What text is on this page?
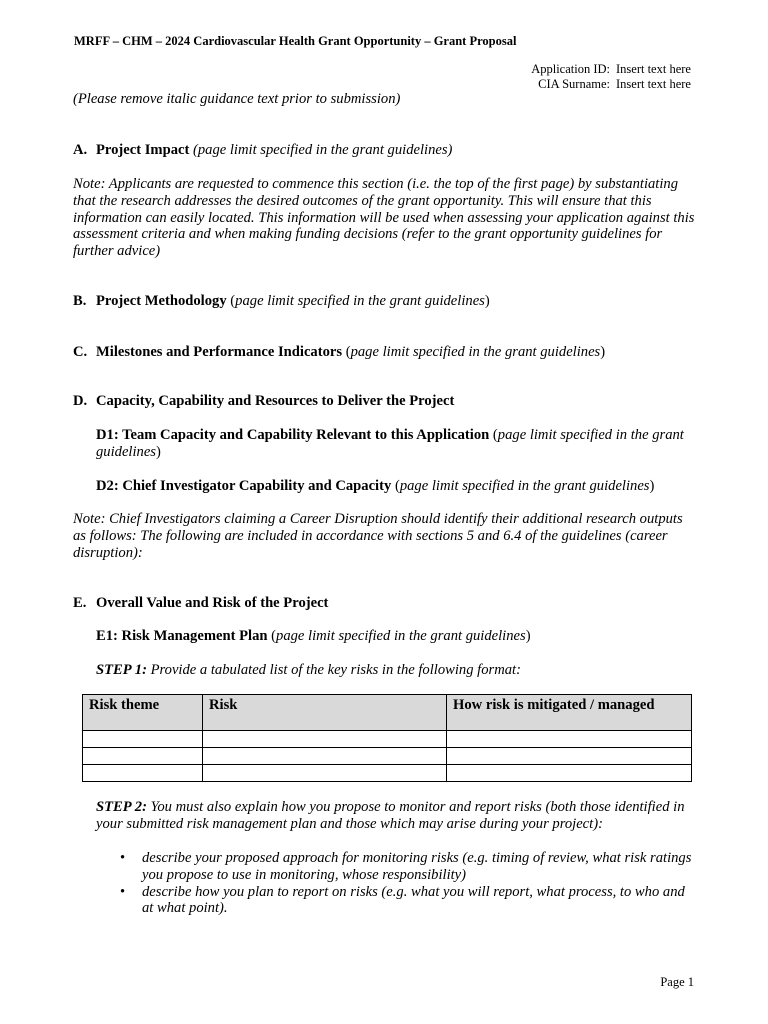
MRFF – CHM – 2024 Cardiovascular Health Grant Opportunity – Grant Proposal
Application ID: Insert text here
CIA Surname: Insert text here
(Please remove italic guidance text prior to submission)
A. Project Impact (page limit specified in the grant guidelines)
Note: Applicants are requested to commence this section (i.e. the top of the first page) by substantiating that the research addresses the desired outcomes of the grant opportunity. This will ensure that this information can easily located. This information will be used when assessing your application against this assessment criteria and when making funding decisions (refer to the grant opportunity guidelines for further advice)
B. Project Methodology (page limit specified in the grant guidelines)
C. Milestones and Performance Indicators (page limit specified in the grant guidelines)
D. Capacity, Capability and Resources to Deliver the Project
D1: Team Capacity and Capability Relevant to this Application (page limit specified in the grant guidelines)
D2: Chief Investigator Capability and Capacity (page limit specified in the grant guidelines)
Note: Chief Investigators claiming a Career Disruption should identify their additional research outputs as follows: The following are included in accordance with sections 5 and 6.4 of the guidelines (career disruption):
E. Overall Value and Risk of the Project
E1: Risk Management Plan (page limit specified in the grant guidelines)
STEP 1: Provide a tabulated list of the key risks in the following format:
Risk theme	Risk	How risk is mitigated / managed

STEP 2: You must also explain how you propose to monitor and report risks (both those identified in your submitted risk management plan and those which may arise during your project):
• describe your proposed approach for monitoring risks (e.g. timing of review, what risk ratings you propose to use in monitoring, whose responsibility)
• describe how you plan to report on risks (e.g. what you will report, what process, to who and at what point).
Page 1
